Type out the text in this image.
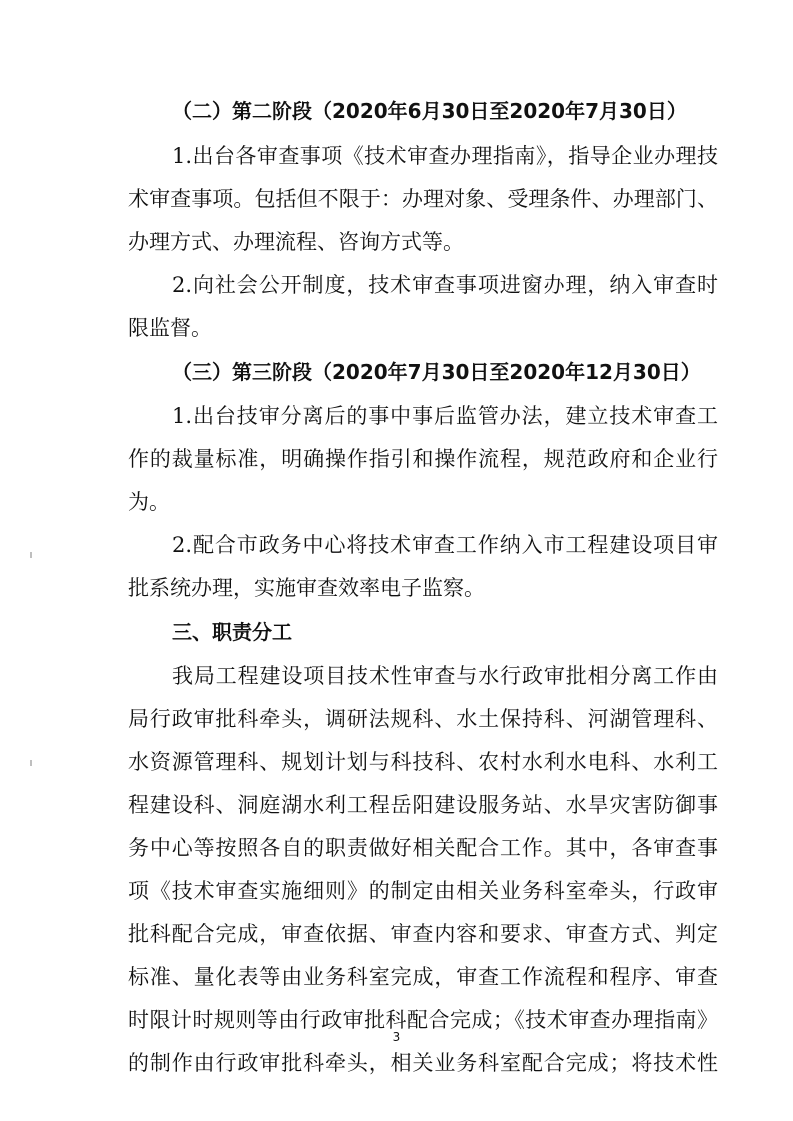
（二）第二阶段（2020年6月30日至2020年7月30日）
1.出台各审查事项《技术审查办理指南》，指导企业办理技
术审查事项。包括但不限于：办理对象、受理条件、办理部门、
办理方式、办理流程、咨询方式等。
2.向社会公开制度，技术审查事项进窗办理，纳入审查时
限监督。
（三）第三阶段（2020年7月30日至2020年12月30日）
1.出台技审分离后的事中事后监管办法，建立技术审查工
作的裁量标准，明确操作指引和操作流程，规范政府和企业行
为。
2.配合市政务中心将技术审查工作纳入市工程建设项目审
批系统办理，实施审查效率电子监察。
三、职责分工
我局工程建设项目技术性审查与水行政审批相分离工作由
局行政审批科牵头，调研法规科、水土保持科、河湖管理科、
水资源管理科、规划计划与科技科、农村水利水电科、水利工
程建设科、洞庭湖水利工程岳阳建设服务站、水旱灾害防御事
务中心等按照各自的职责做好相关配合工作。其中，各审查事
项《技术审查实施细则》的制定由相关业务科室牵头，行政审
批科配合完成，审查依据、审查内容和要求、审查方式、判定
标准、量化表等由业务科室完成，审查工作流程和程序、审查
时限计时规则等由行政审批科配合完成；《技术审查办理指南》
的制作由行政审批科牵头，相关业务科室配合完成；将技术性
3
